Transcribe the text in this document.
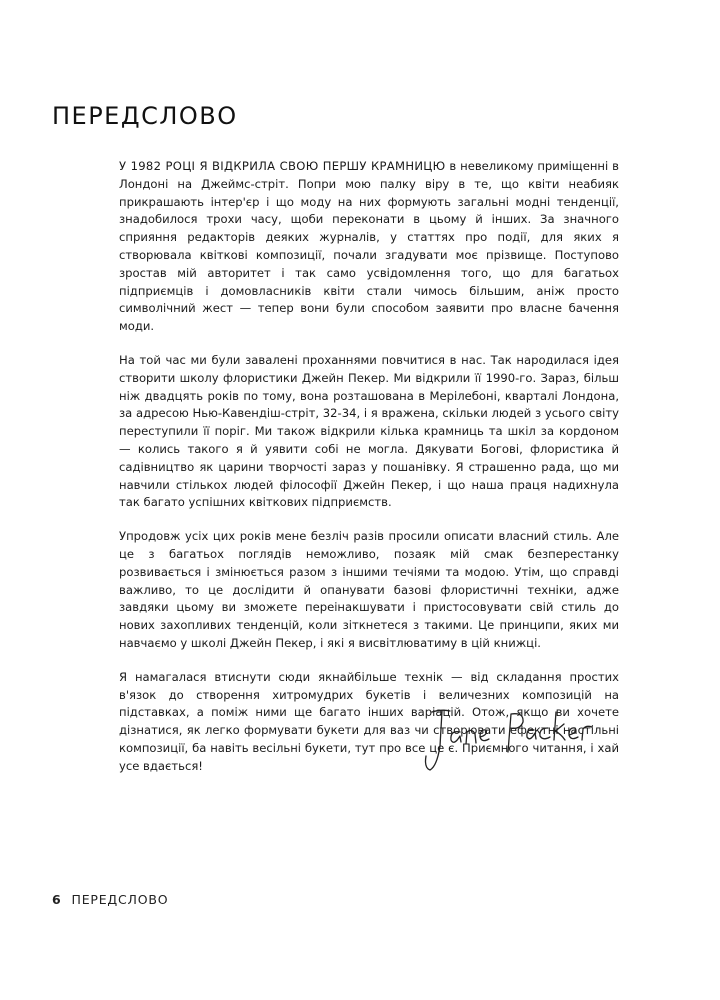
ПЕРЕДСЛОВО

У 1982 РОЦІ Я ВІДКРИЛА СВОЮ ПЕРШУ КРАМНИЦЮ в невеликому приміщенні в Лондоні на Джеймс-стріт. Попри мою палку віру в те, що квіти неабияк прикрашають інтер'єр і що моду на них формують загальні модні тенденції, знадобилося трохи часу, щоби переконати в цьому й інших. За значного сприяння редакторів деяких журналів, у статтях про події, для яких я створювала квіткові композиції, почали згадувати моє прізвище. Поступово зростав мій авторитет і так само усвідомлення того, що для багатьох підприємців і домовласників квіти стали чимось більшим, аніж просто символічний жест — тепер вони були способом заявити про власне бачення моди.

На той час ми були завалені проханнями повчитися в нас. Так народилася ідея створити школу флористики Джейн Пекер. Ми відкрили її 1990-го. Зараз, більш ніж двадцять років по тому, вона розташована в Мерілебоні, кварталі Лондона, за адресою Нью-Кавендіш-стріт, 32-34, і я вражена, скільки людей з усього світу переступили її поріг. Ми також відкрили кілька крамниць та шкіл за кордоном — колись такого я й уявити собі не могла. Дякувати Богові, флористика й садівництво як царини творчості зараз у пошанівку. Я страшенно рада, що ми навчили стількох людей філософії Джейн Пекер, і що наша праця надихнула так багато успішних квіткових підприємств.

Упродовж усіх цих років мене безліч разів просили описати власний стиль. Але це з багатьох поглядів неможливо, позаяк мій смак безперестанку розвивається і змінюється разом з іншими течіями та модою. Утім, що справді важливо, то це дослідити й опанувати базові флористичні техніки, адже завдяки цьому ви зможете переінакшувати і пристосовувати свій стиль до нових захопливих тенденцій, коли зіткнетеся з такими. Це принципи, яких ми навчаємо у школі Джейн Пекер, і які я висвітлюватиму в цій книжці.

Я намагалася втиснути сюди якнайбільше технік — від складання простих в'язок до створення хитромудрих букетів і величезних композицій на підставках, а поміж ними ще багато інших варіацій. Отож, якщо ви хочете дізнатися, як легко формувати букети для ваз чи створювати ефектні настільні композиції, ба навіть весільні букети, тут про все це є. Приємного читання, і хай усе вдається!

6 ПЕРЕДСЛОВО
